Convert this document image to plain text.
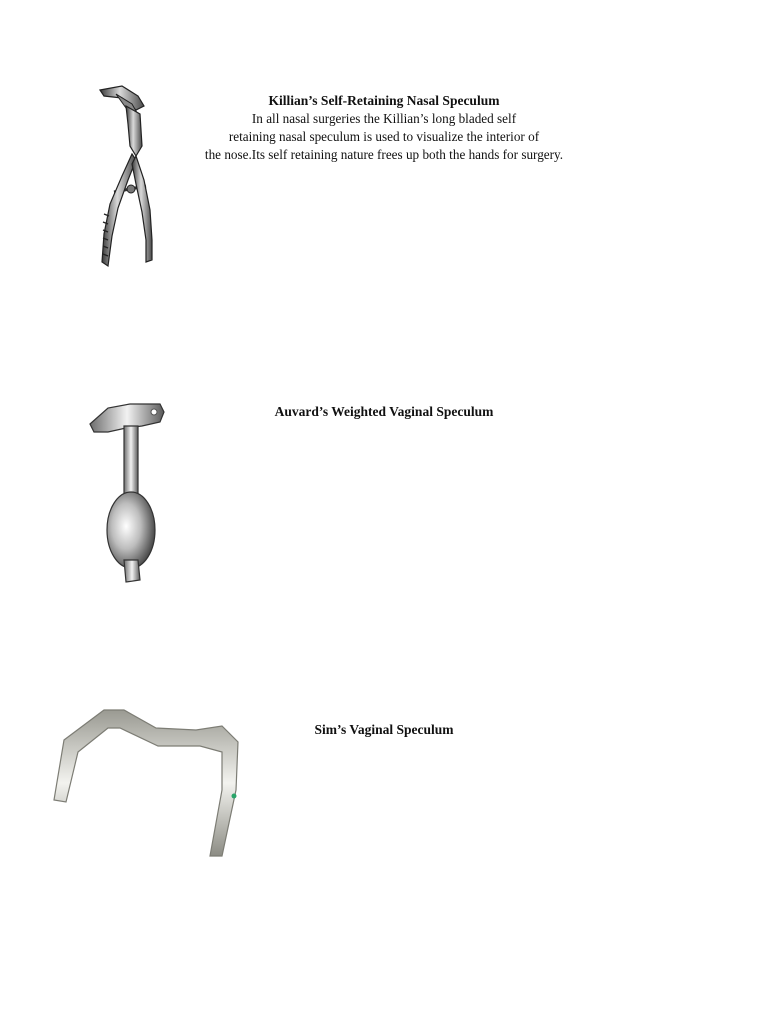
Killian’s Self-Retaining Nasal Speculum
In all nasal surgeries the Killian’s long bladed self
retaining nasal speculum is used to visualize the interior of
the nose.Its self retaining nature frees up both the hands for surgery.
Auvard’s Weighted Vaginal Speculum
Sim’s Vaginal Speculum
